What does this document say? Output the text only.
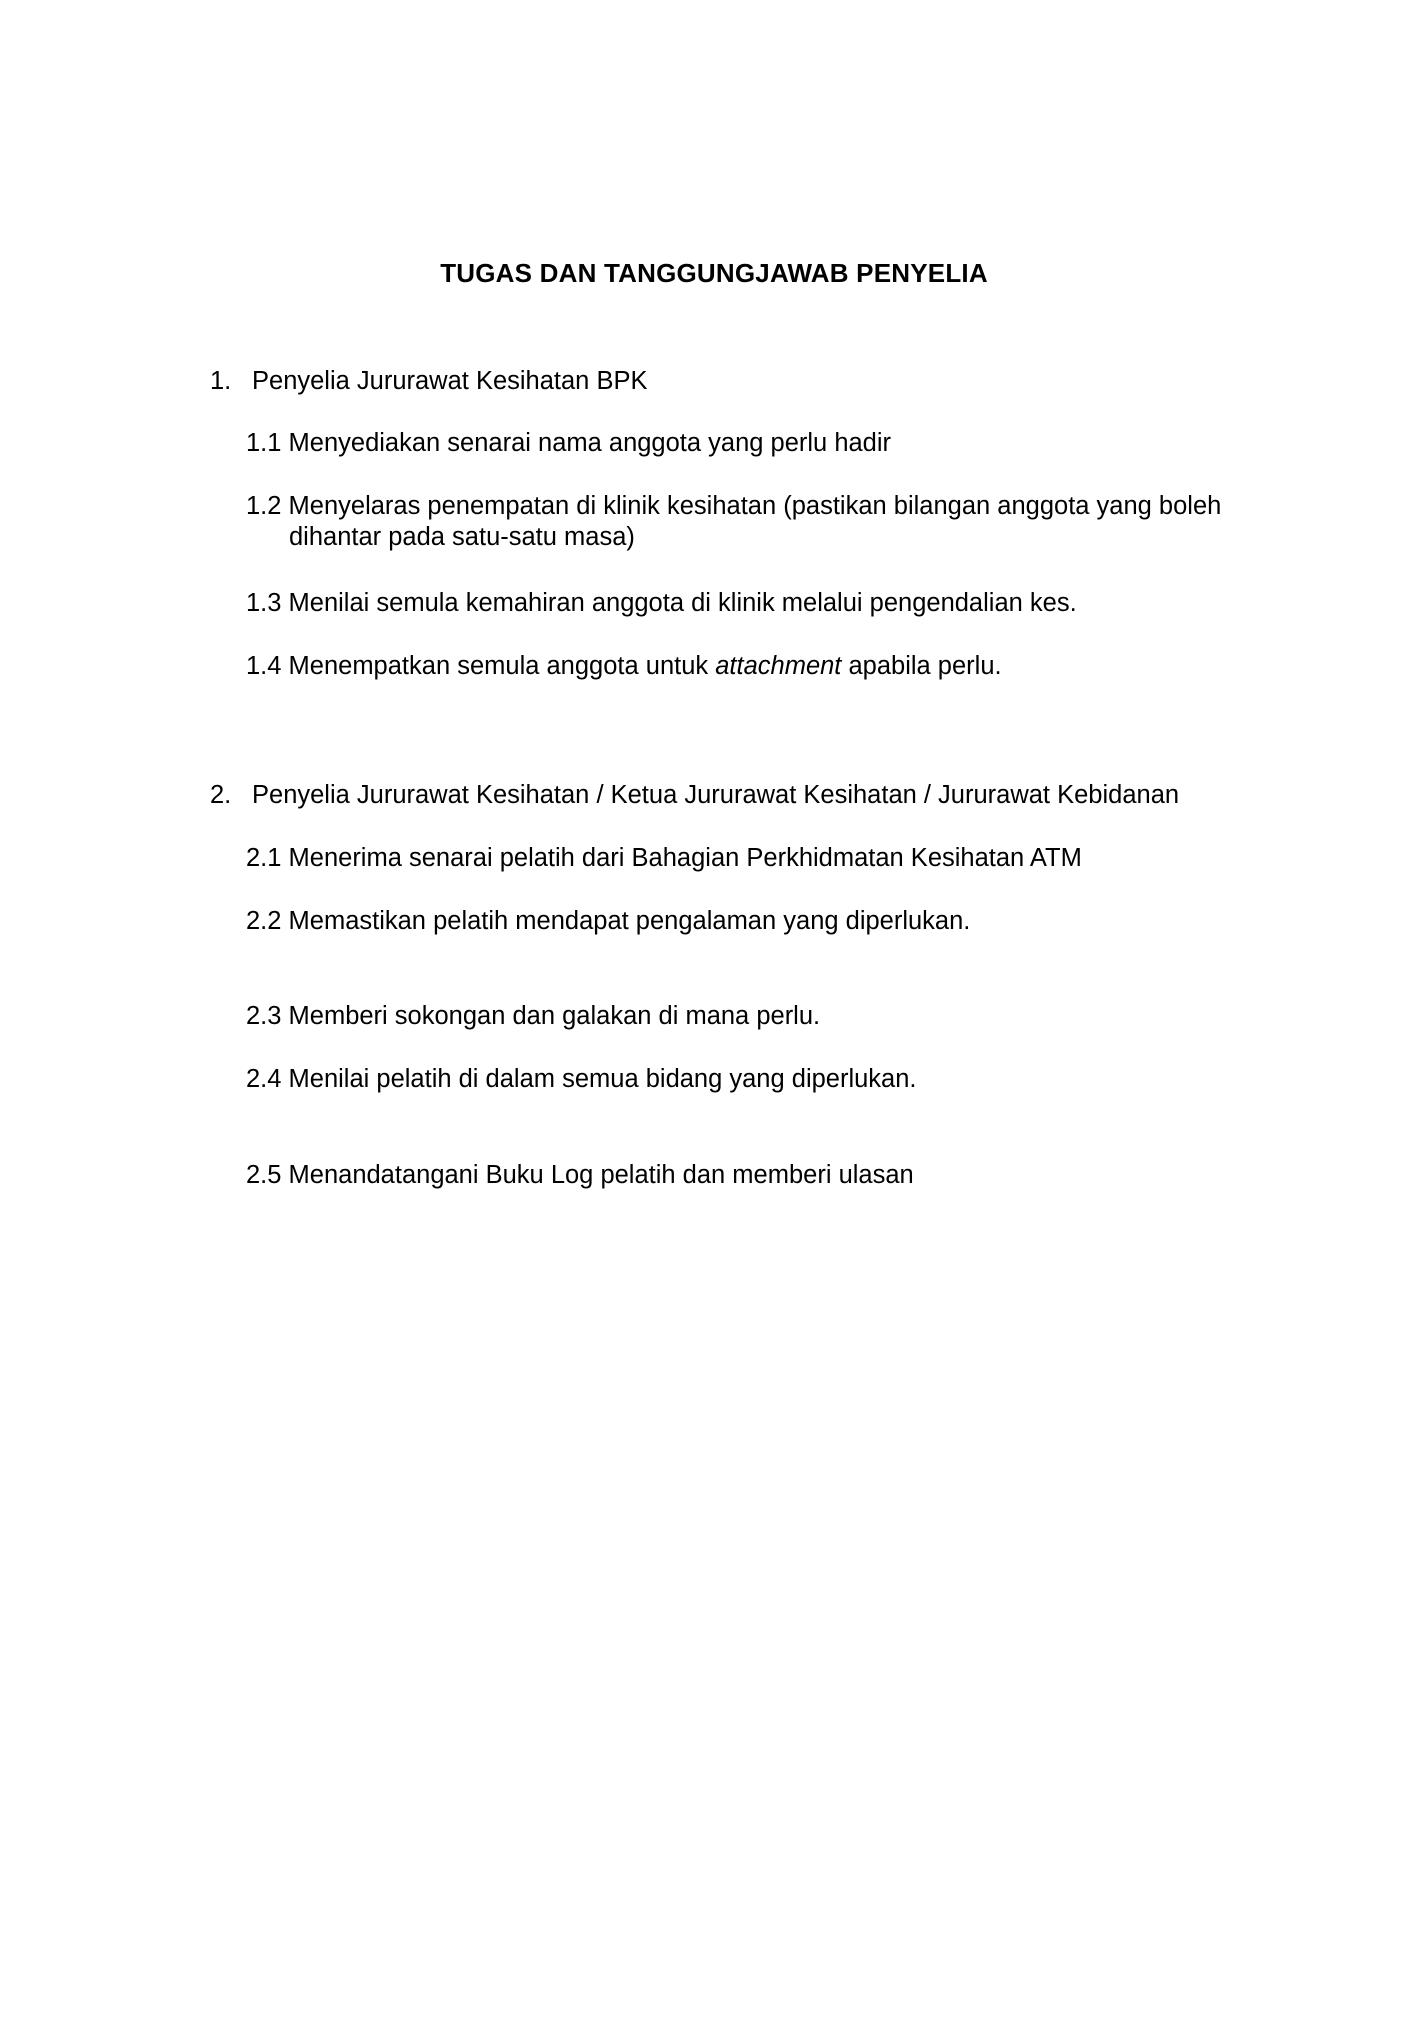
TUGAS DAN TANGGUNGJAWAB PENYELIA
1. Penyelia Jururawat Kesihatan BPK
1.1 Menyediakan senarai nama anggota yang perlu hadir
1.2 Menyelaras penempatan di klinik kesihatan (pastikan bilangan anggota yang boleh
dihantar pada satu-satu masa)
1.3 Menilai semula kemahiran anggota di klinik melalui pengendalian kes.
1.4 Menempatkan semula anggota untuk attachment apabila perlu.
2. Penyelia Jururawat Kesihatan / Ketua Jururawat Kesihatan / Jururawat Kebidanan
2.1 Menerima senarai pelatih dari Bahagian Perkhidmatan Kesihatan ATM
2.2 Memastikan pelatih mendapat pengalaman yang diperlukan.
2.3 Memberi sokongan dan galakan di mana perlu.
2.4 Menilai pelatih di dalam semua bidang yang diperlukan.
2.5 Menandatangani Buku Log pelatih dan memberi ulasan
